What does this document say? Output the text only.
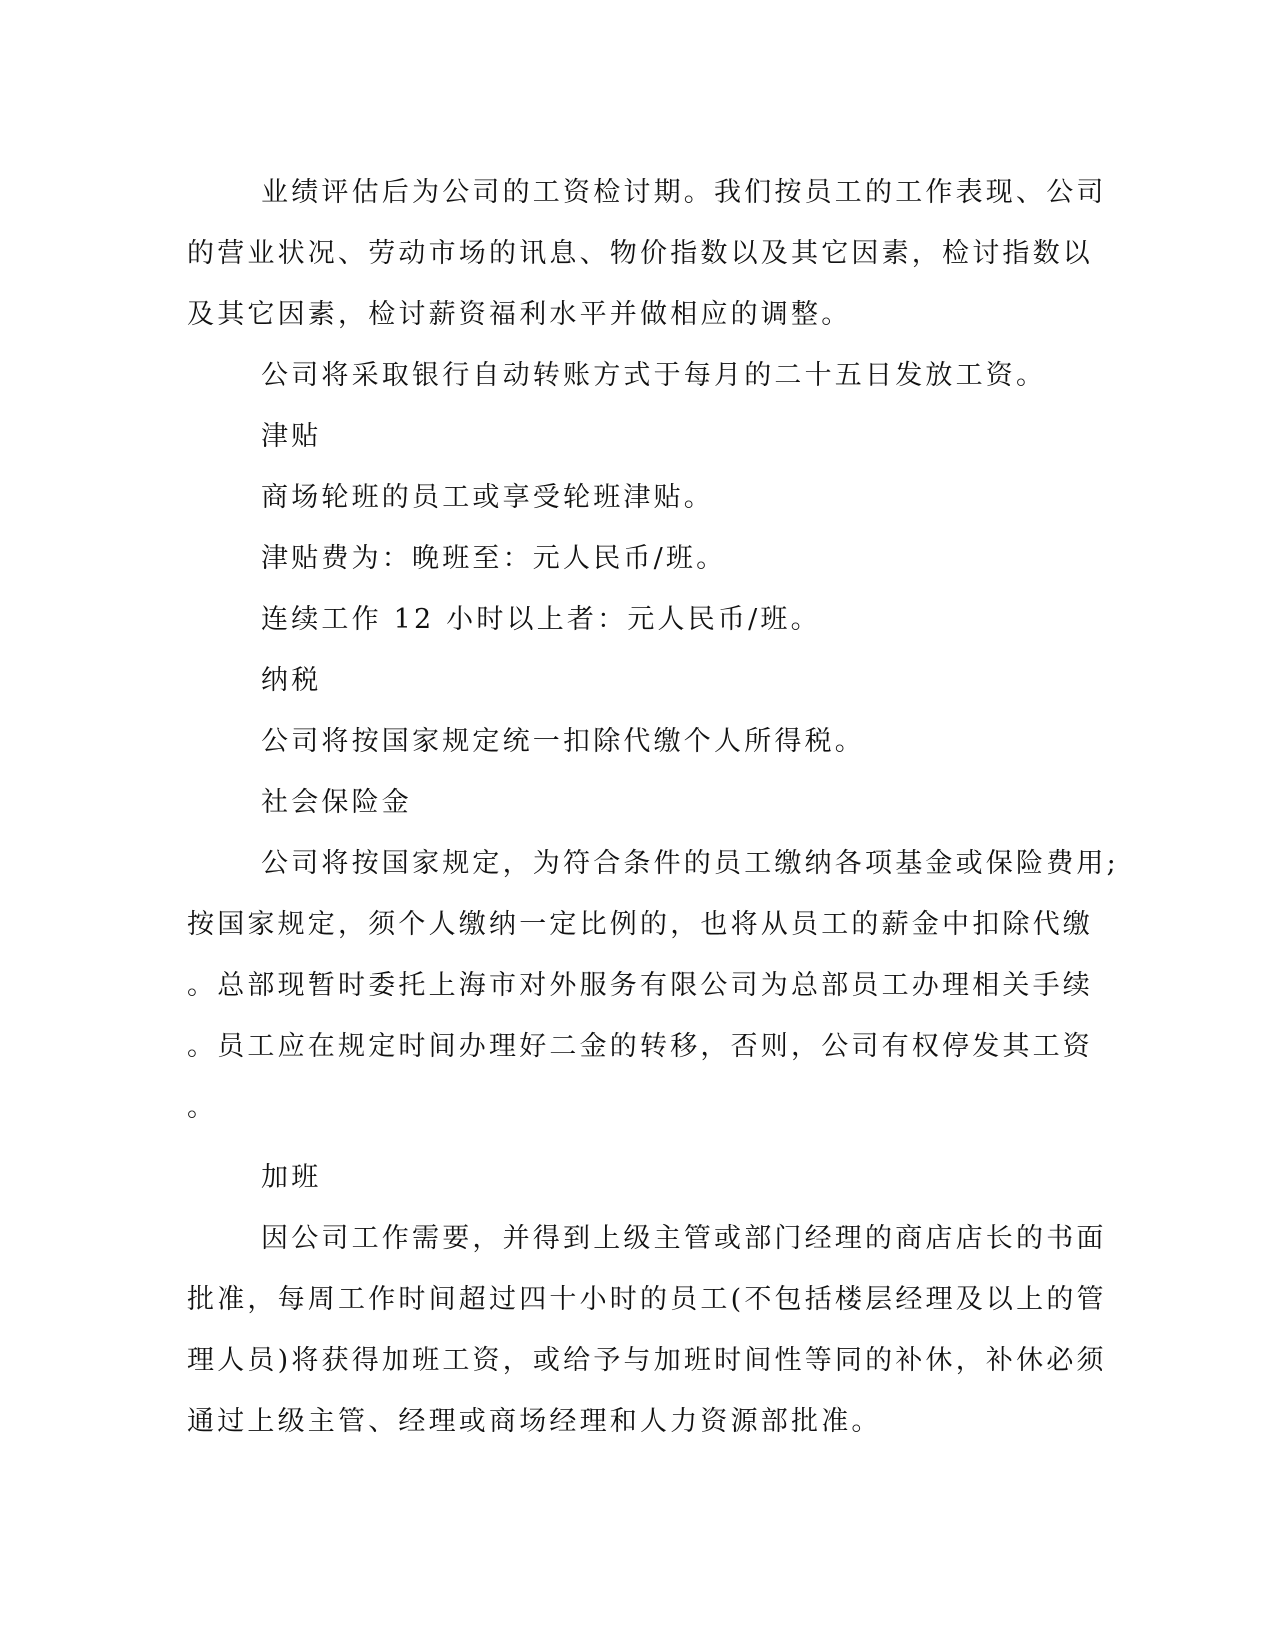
业绩评估后为公司的工资检讨期。我们按员工的工作表现、公司
的营业状况、劳动市场的讯息、物价指数以及其它因素，检讨指数以
及其它因素，检讨薪资福利水平并做相应的调整。
公司将采取银行自动转账方式于每月的二十五日发放工资。
津贴
商场轮班的员工或享受轮班津贴。
津贴费为：晚班至：元人民币/班。
连续工作 12 小时以上者：元人民币/班。
纳税
公司将按国家规定统一扣除代缴个人所得税。
社会保险金
公司将按国家规定，为符合条件的员工缴纳各项基金或保险费用;
按国家规定，须个人缴纳一定比例的，也将从员工的薪金中扣除代缴
。总部现暂时委托上海市对外服务有限公司为总部员工办理相关手续
。员工应在规定时间办理好二金的转移，否则，公司有权停发其工资
。
加班
因公司工作需要，并得到上级主管或部门经理的商店店长的书面
批准，每周工作时间超过四十小时的员工(不包括楼层经理及以上的管
理人员)将获得加班工资，或给予与加班时间性等同的补休，补休必须
通过上级主管、经理或商场经理和人力资源部批准。
